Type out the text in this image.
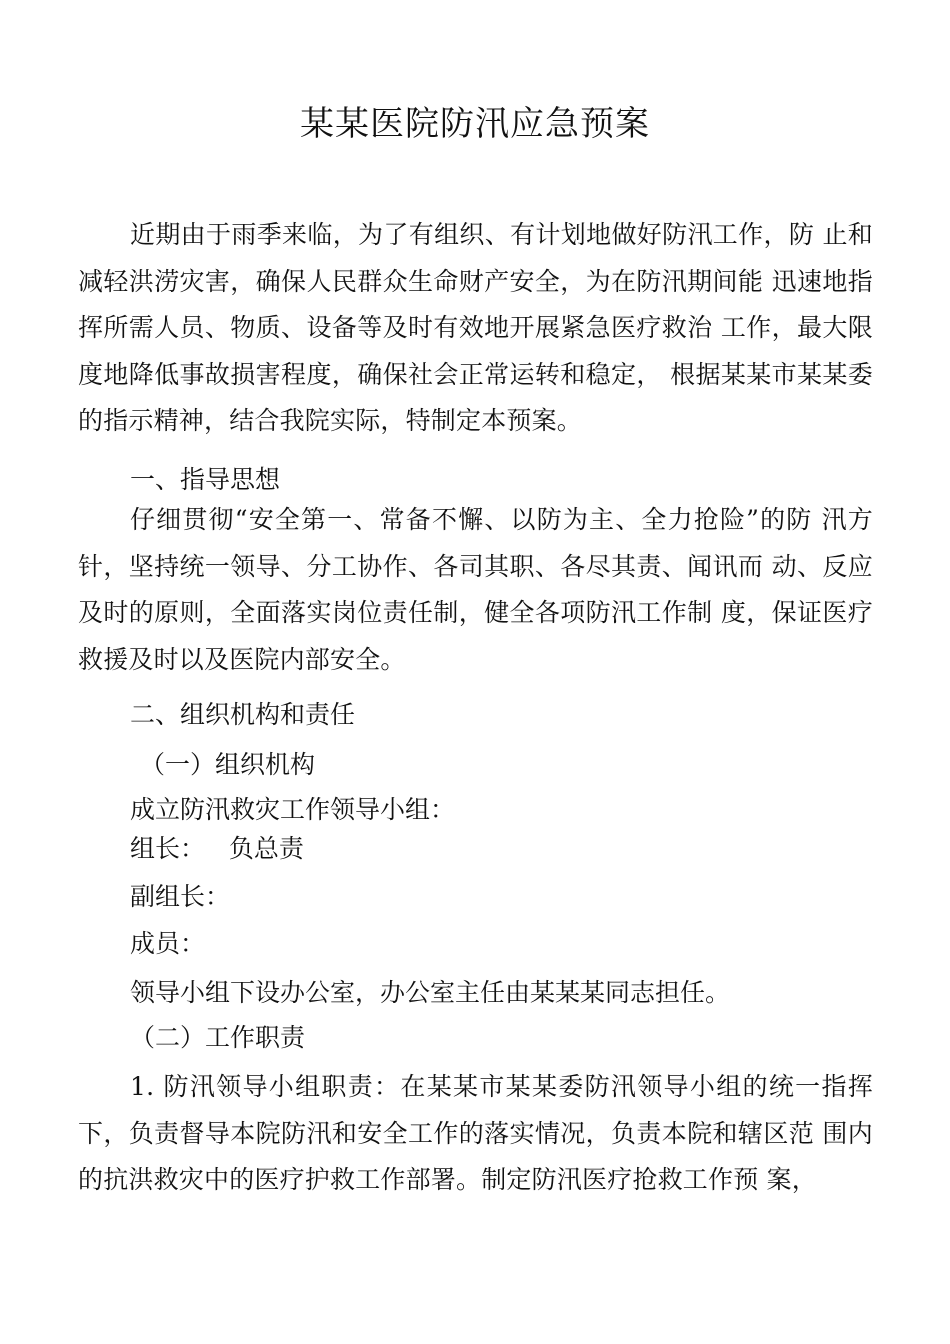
某某医院防汛应急预案
近期由于雨季来临，为了有组织、有计划地做好防汛工作，防 止和减轻洪涝灾害，确保人民群众生命财产安全，为在防汛期间能 迅速地指挥所需人员、物质、设备等及时有效地开展紧急医疗救治 工作，最大限度地降低事故损害程度，确保社会正常运转和稳定， 根据某某市某某委的指示精神，结合我院实际，特制定本预案。
一、指导思想
仔细贯彻“安全第一、常备不懈、以防为主、全力抢险”的防 汛方针，坚持统一领导、分工协作、各司其职、各尽其责、闻讯而 动、反应及时的原则，全面落实岗位责任制，健全各项防汛工作制 度，保证医疗救援及时以及医院内部安全。
二、组织机构和责任
（一）组织机构
成立防汛救灾工作领导小组：
组长：   负总责
副组长：
成员：
领导小组下设办公室，办公室主任由某某某同志担任。
（二）工作职责
1. 防汛领导小组职责：在某某市某某委防汛领导小组的统一指挥下，负责督导本院防汛和安全工作的落实情况，负责本院和辖区范 围内的抗洪救灾中的医疗护救工作部署。制定防汛医疗抢救工作预 案，
